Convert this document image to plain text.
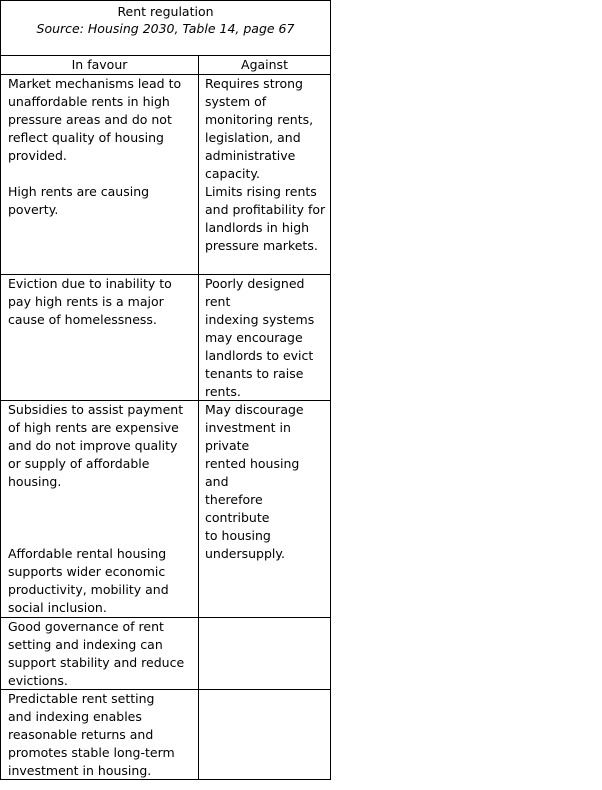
Rent regulation
Source: Housing 2030, Table 14, page 67
In favour	Against
Market mechanisms lead to
unaffordable rents in high
pressure areas and do not
reflect quality of housing
provided.
High rents are causing
poverty.
Requires strong
system of
monitoring rents,
legislation, and
administrative
capacity.
Limits rising rents
and profitability for
landlords in high
pressure markets.
Eviction due to inability to
pay high rents is a major
cause of homelessness.
Poorly designed
rent
indexing systems
may encourage
landlords to evict
tenants to raise
rents.
Subsidies to assist payment
of high rents are expensive
and do not improve quality
or supply of affordable
housing.
Affordable rental housing
supports wider economic
productivity, mobility and
social inclusion.
May discourage
investment in
private
rented housing and
therefore
contribute
to housing
undersupply.
Good governance of rent
setting and indexing can
support stability and reduce
evictions.
Predictable rent setting
and indexing enables
reasonable returns and
promotes stable long-term
investment in housing.
